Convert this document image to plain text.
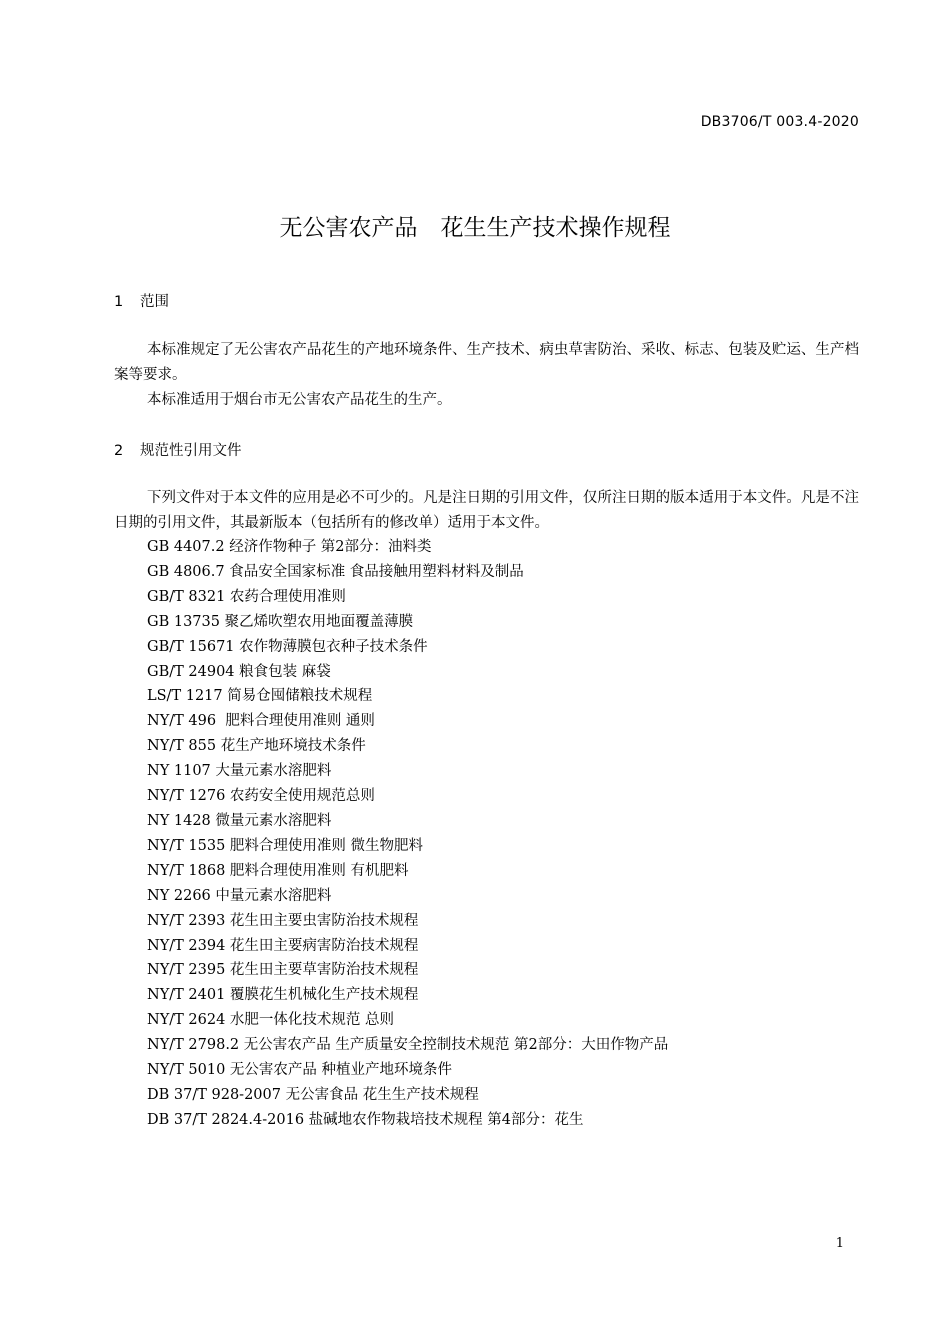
DB3706/T 003.4-2020
无公害农产品　花生生产技术操作规程
1 范围
本标准规定了无公害农产品花生的产地环境条件、生产技术、病虫草害防治、采收、标志、包装及贮运、生产档案等要求。
本标准适用于烟台市无公害农产品花生的生产。
2 规范性引用文件
下列文件对于本文件的应用是必不可少的。凡是注日期的引用文件，仅所注日期的版本适用于本文件。凡是不注日期的引用文件，其最新版本（包括所有的修改单）适用于本文件。
GB 4407.2 经济作物种子 第2部分：油料类
GB 4806.7 食品安全国家标准 食品接触用塑料材料及制品
GB/T 8321 农药合理使用准则
GB 13735 聚乙烯吹塑农用地面覆盖薄膜
GB/T 15671 农作物薄膜包衣种子技术条件
GB/T 24904 粮食包装 麻袋
LS/T 1217 简易仓囤储粮技术规程
NY/T 496  肥料合理使用准则 通则
NY/T 855 花生产地环境技术条件
NY 1107 大量元素水溶肥料
NY/T 1276 农药安全使用规范总则
NY 1428 微量元素水溶肥料
NY/T 1535 肥料合理使用准则 微生物肥料
NY/T 1868 肥料合理使用准则 有机肥料
NY 2266 中量元素水溶肥料
NY/T 2393 花生田主要虫害防治技术规程
NY/T 2394 花生田主要病害防治技术规程
NY/T 2395 花生田主要草害防治技术规程
NY/T 2401 覆膜花生机械化生产技术规程
NY/T 2624 水肥一体化技术规范 总则
NY/T 2798.2 无公害农产品 生产质量安全控制技术规范 第2部分：大田作物产品
NY/T 5010 无公害农产品 种植业产地环境条件
DB 37/T 928-2007 无公害食品 花生生产技术规程
DB 37/T 2824.4-2016 盐碱地农作物栽培技术规程 第4部分：花生
1
